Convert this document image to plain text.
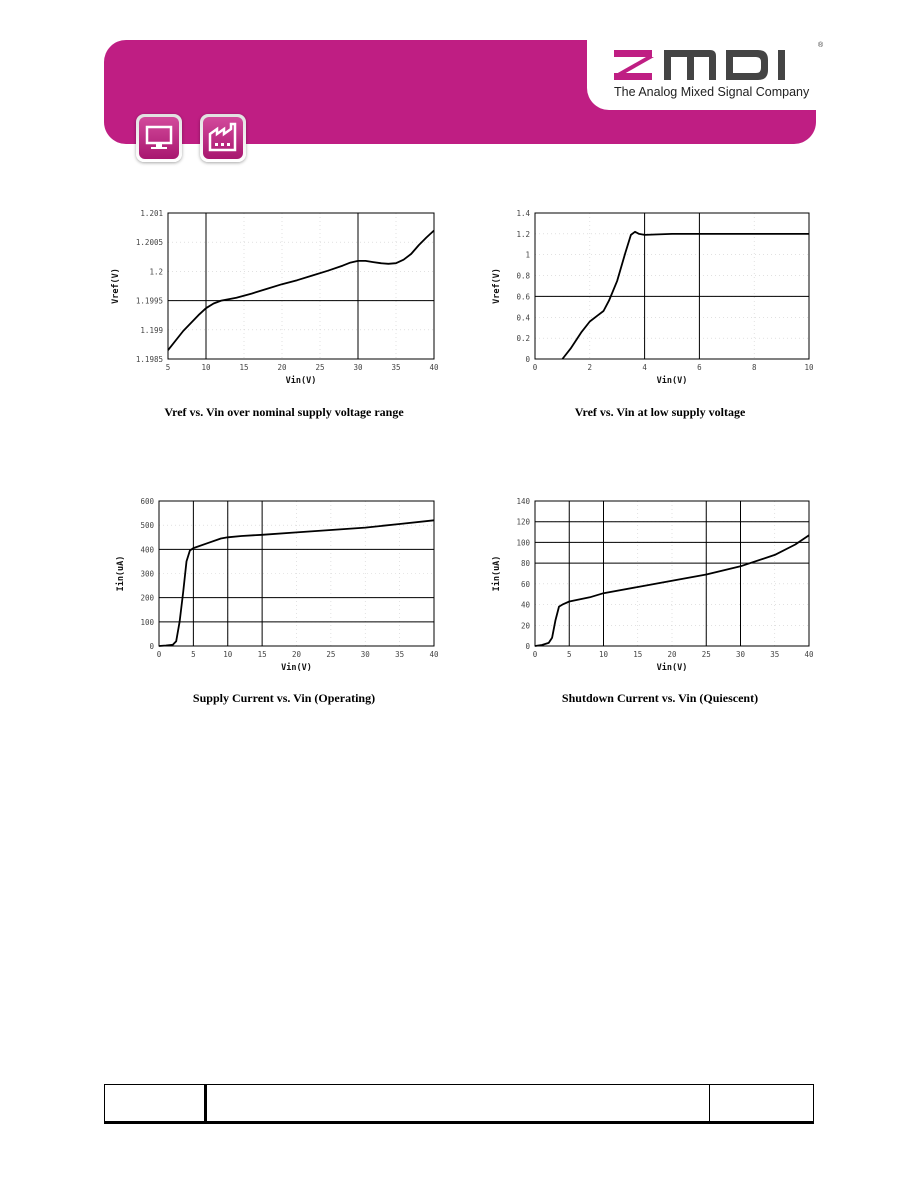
®
The Analog Mixed Signal Company
5	10	15	20	25	30	35	40
1.1985
1.199
1.1995
1.2
1.2005
1.201
Vin(V)
Vref(V)
0	2	4	6	8	10
0
0.2
0.4
0.6
0.8
1
1.2
1.4
Vin(V)
Vref(V)
0	5	10	15	20	25	30	35	40
0
100
200
300
400
500
600
Vin(V)
Iin(uA)
0	5	10	15	20	25	30	35	40
0
20
40
60
80
100
120
140
Vin(V)
Iin(uA)
Vref vs. Vin over nominal supply voltage range	Vref vs. Vin at low supply voltage
Supply Current vs. Vin (Operating)	Shutdown Current vs. Vin (Quiescent)
